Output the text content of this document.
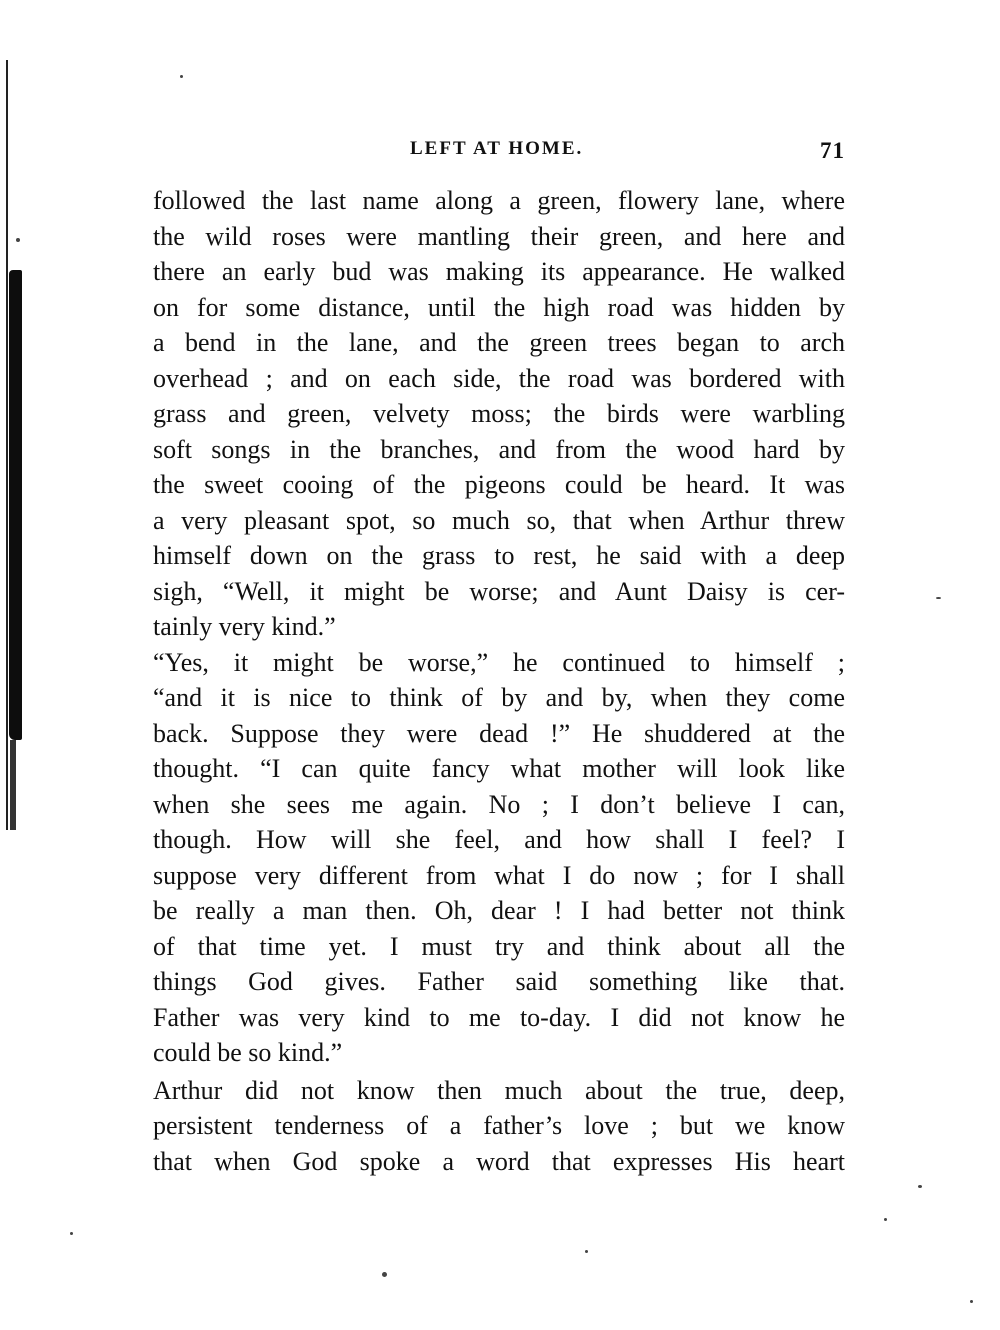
LEFT AT HOME.	71
followed the last name along a green, flowery lane, where
the wild roses were mantling their green, and here and
there an early bud was making its appearance. He walked
on for some distance, until the high road was hidden by
a bend in the lane, and the green trees began to arch
overhead ; and on each side, the road was bordered with
grass and green, velvety moss; the birds were warbling
soft songs in the branches, and from the wood hard by
the sweet cooing of the pigeons could be heard. It was
a very pleasant spot, so much so, that when Arthur threw
himself down on the grass to rest, he said with a deep
sigh, “Well, it might be worse; and Aunt Daisy is cer-
tainly very kind.”
“Yes, it might be worse,” he continued to himself ;
“and it is nice to think of by and by, when they come
back. Suppose they were dead !” He shuddered at the
thought. “I can quite fancy what mother will look like
when she sees me again. No ; I don’t believe I can,
though. How will she feel, and how shall I feel? I
suppose very different from what I do now ; for I shall
be really a man then. Oh, dear ! I had better not think
of that time yet. I must try and think about all the
things God gives. Father said something like that.
Father was very kind to me to-day. I did not know he
could be so kind.”
Arthur did not know then much about the true, deep,
persistent tenderness of a father’s love ; but we know
that when God spoke a word that expresses His heart
